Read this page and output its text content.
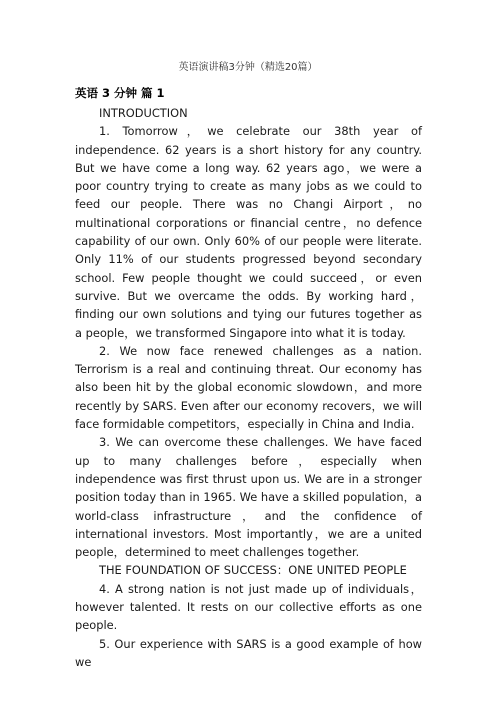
英语演讲稿3分钟（精选20篇）
英语 3 分钟 篇 1

INTRODUCTION

1. Tomorrow，we celebrate our 38th year of independence. 62 years is a short history for any country. But we have come a long way. 62 years ago，we were a poor country trying to create as many jobs as we could to feed our people. There was no Changi Airport，no multinational corporations or financial centre，no defence capability of our own. Only 60% of our people were literate. Only 11% of our students progressed beyond secondary school. Few people thought we could succeed，or even survive. But we overcame the odds. By working hard，finding our own solutions and tying our futures together as a people，we transformed Singapore into what it is today.

2. We now face renewed challenges as a nation. Terrorism is a real and continuing threat. Our economy has also been hit by the global economic slowdown，and more recently by SARS. Even after our economy recovers，we will face formidable competitors，especially in China and India.

3. We can overcome these challenges. We have faced up to many challenges before，especially when independence was first thrust upon us. We are in a stronger position today than in 1965. We have a skilled population，a world-class infrastructure，and the confidence of international investors. Most importantly，we are a united people，determined to meet challenges together.

THE FOUNDATION OF SUCCESS：ONE UNITED PEOPLE

4. A strong nation is not just made up of individuals，however talented. It rests on our collective efforts as one people.

5. Our experience with SARS is a good example of how we
